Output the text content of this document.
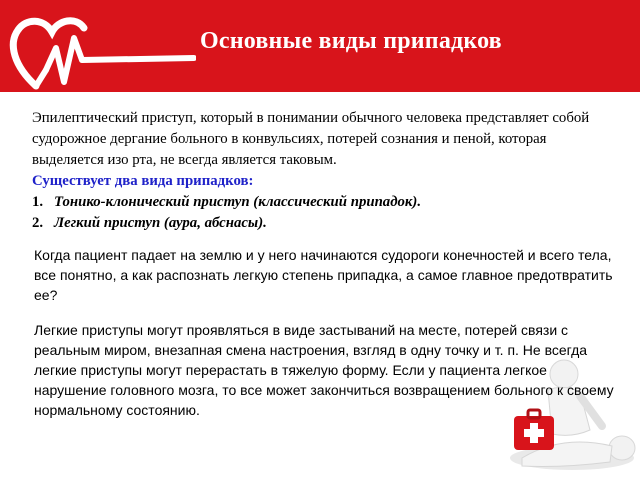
Основные виды припадков

Эпилептический приступ, который в понимании обычного человека представляет собой судорожное дергание больного в конвульсиях, потерей сознания и пеной, которая выделяется изо рта, не всегда является таковым.

Существует два вида припадков:

1. Тонико-клонический приступ (классический припадок).
2. Легкий приступ (аура, абснасы).

Когда пациент падает на землю и у него начинаются судороги конечностей и всего тела, все понятно, а как распознать легкую степень припадка, а самое главное предотвратить ее?

Легкие приступы могут проявляться в виде застываний на месте, потерей связи с реальным миром, внезапная смена настроения, взгляд в одну точку и т. п. Не всегда легкие приступы могут перерастать в тяжелую форму. Если у пациента легкое нарушение головного мозга, то все может закончиться возвращением больного к своему нормальному состоянию.
